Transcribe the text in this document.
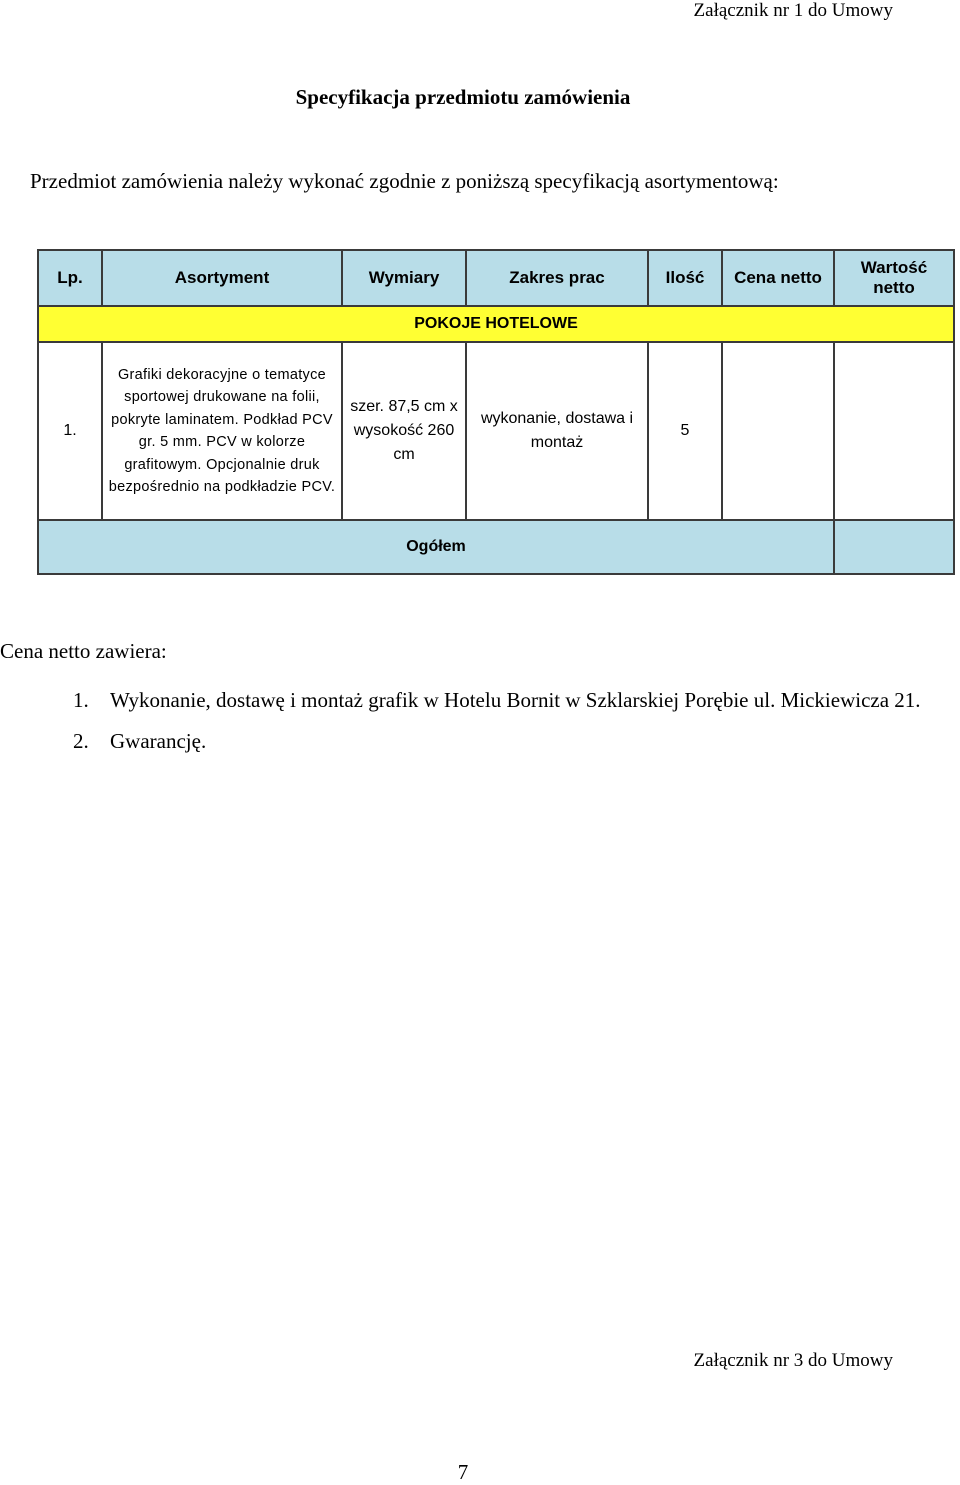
Załącznik nr 1 do Umowy
Specyfikacja przedmiotu zamówienia
Przedmiot zamówienia należy wykonać zgodnie z poniższą specyfikacją asortymentową:
Lp.	Asortyment	Wymiary	Zakres prac	Ilość	Cena netto	Wartość netto
POKOJE HOTELOWE						
1.	Grafiki dekoracyjne o tematyce sportowej drukowane na folii, pokryte laminatem. Podkład PCV gr. 5 mm. PCV w kolorze grafitowym. Opcjonalnie druk bezpośrednio na podkładzie PCV.	szer. 87,5 cm x wysokość 260 cm	wykonanie, dostawa i montaż	5		
Ogółem						
Cena netto zawiera:
1.	Wykonanie, dostawę i montaż grafik w Hotelu Bornit w Szklarskiej Porębie ul. Mickiewicza 21.
2.	Gwarancję.
Załącznik nr 3 do Umowy
7
